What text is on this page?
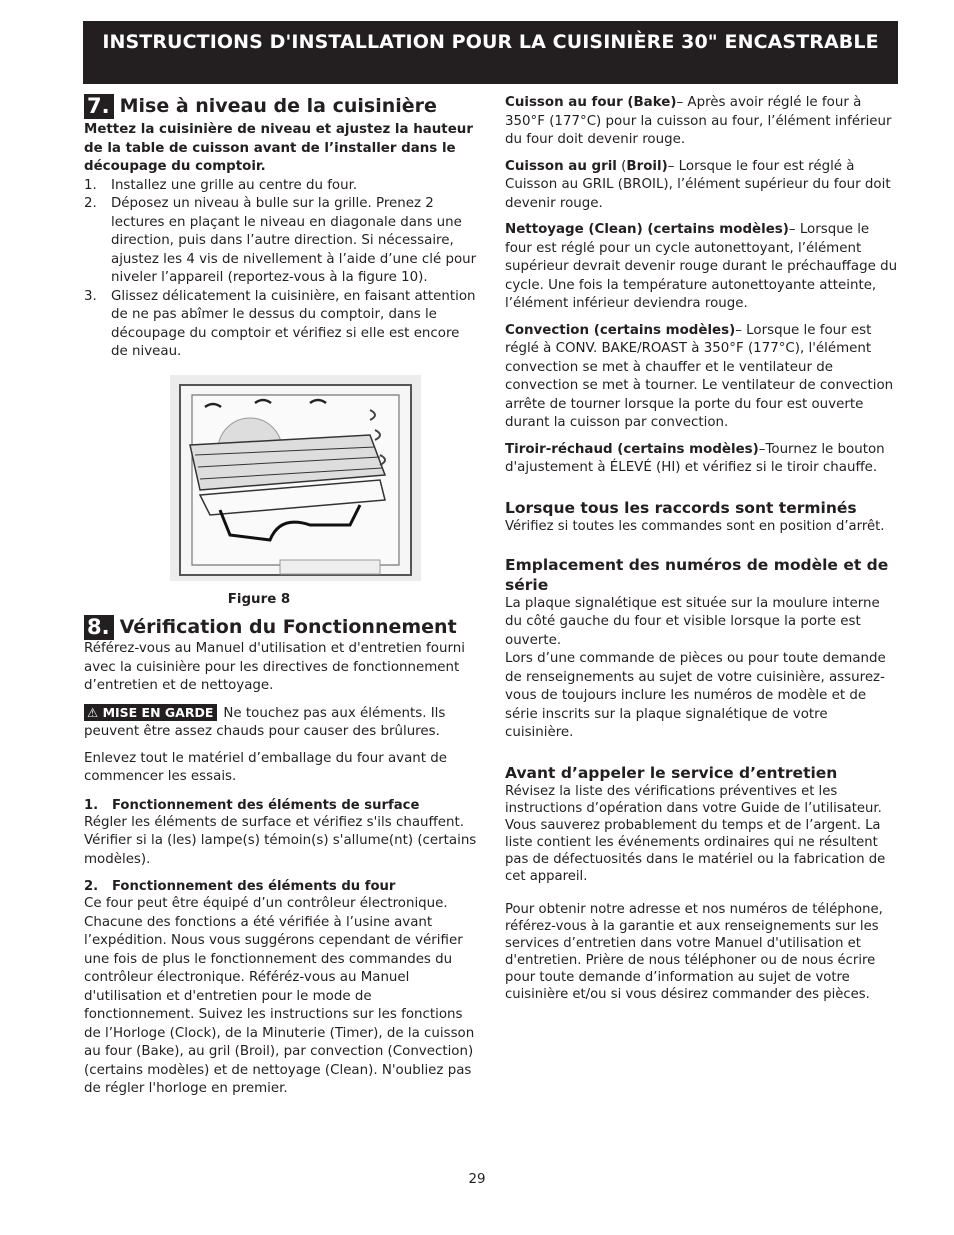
INSTRUCTIONS D'INSTALLATION POUR LA CUISINIÈRE 30" ENCASTRABLE
7. Mise à niveau de la cuisinière

Mettez la cuisinière de niveau et ajustez la hauteur de la table de cuisson avant de l’installer dans le découpage du comptoir.

1. Installez une grille au centre du four.
2. Déposez un niveau à bulle sur la grille. Prenez 2 lectures en plaçant le niveau en diagonale dans une direction, puis dans l’autre direction. Si nécessaire, ajustez les 4 vis de nivellement à l’aide d’une clé pour niveler l’appareil (reportez-vous à la figure 10).
3. Glissez délicatement la cuisinière, en faisant attention de ne pas abîmer le dessus du comptoir, dans le découpage du comptoir et vérifiez si elle est encore de niveau.

Figure 8

8. Vérification du Fonctionnement

Référez-vous au Manuel d'utilisation et d'entretien fourni avec la cuisinière pour les directives de fonctionnement d’entretien et de nettoyage.

⚠ MISE EN GARDE Ne touchez pas aux éléments. Ils peuvent être assez chauds pour causer des brûlures.

Enlevez tout le matériel d’emballage du four avant de commencer les essais.

1.   Fonctionnement des éléments de surface

Régler les éléments de surface et vérifiez s'ils chauffent. Vérifier si la (les) lampe(s) témoin(s) s'allume(nt) (certains modèles).

2.   Fonctionnement des éléments du four

Ce four peut être équipé d’un contrôleur électronique. Chacune des fonctions a été vérifiée à l’usine avant l’expédition. Nous vous suggérons cependant de vérifier une fois de plus le fonctionnement des commandes du contrôleur électronique. Référéz-vous au Manuel d'utilisation et d'entretien pour le mode de fonctionnement. Suivez les instructions sur les fonctions de l’Horloge (Clock), de la Minuterie (Timer), de la cuisson au four (Bake), au gril (Broil), par convection (Convection) (certains modèles) et de nettoyage (Clean). N'oubliez pas de régler l'horloge en premier.

Cuisson au four (Bake)– Après avoir réglé le four à 350°F (177°C) pour la cuisson au four, l’élément inférieur du four doit devenir rouge.

Cuisson au gril (Broil)– Lorsque le four est réglé à Cuisson au GRIL (BROIL), l’élément supérieur du four doit devenir rouge.

Nettoyage (Clean) (certains modèles)– Lorsque le four est réglé pour un cycle autonettoyant, l’élément supérieur devrait devenir rouge durant le préchauffage du cycle. Une fois la température autonettoyante atteinte, l’élément inférieur deviendra rouge.

Convection (certains modèles)– Lorsque le four est réglé à CONV. BAKE/ROAST à 350°F (177°C), l'élément convection se met à chauffer et le ventilateur de convection se met à tourner. Le ventilateur de convection arrête de tourner lorsque la porte du four est ouverte durant la cuisson par convection.

Tiroir-réchaud (certains modèles)–Tournez le bouton d'ajustement à ÉLEVÉ (HI) et vérifiez si le tiroir chauffe.

Lorsque tous les raccords sont terminés

Vérifiez si toutes les commandes sont en position d’arrêt.

Emplacement des numéros de modèle et de série

La plaque signalétique est située sur la moulure interne du côté gauche du four et visible lorsque la porte est ouverte.

Lors d’une commande de pièces ou pour toute demande de renseignements au sujet de votre cuisinière, assurez-vous de toujours inclure les numéros de modèle et de série inscrits sur la plaque signalétique de votre cuisinière.

Avant d’appeler le service d’entretien

Révisez la liste des vérifications préventives et les instructions d’opération dans votre Guide de l’utilisateur. Vous sauverez probablement du temps et de l’argent. La liste contient les événements ordinaires qui ne résultent pas de défectuosités dans le matériel ou la fabrication de cet appareil.

Pour obtenir notre adresse et nos numéros de téléphone, référez-vous à la garantie et aux renseignements sur les services d’entretien dans votre Manuel d'utilisation et d'entretien. Prière de nous téléphoner ou de nous écrire pour toute demande d’information au sujet de votre cuisinière et/ou si vous désirez commander des pièces.

29
